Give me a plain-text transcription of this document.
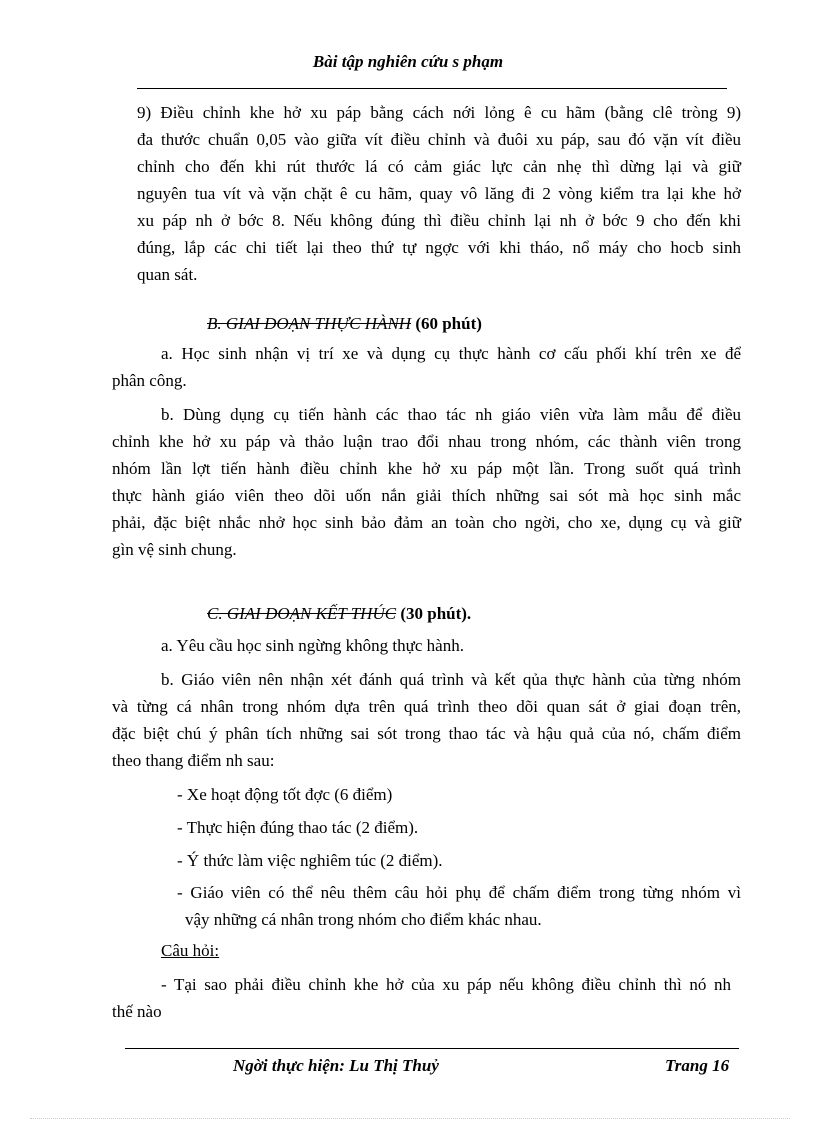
Bài tập nghiên cứu s phạm
9) Điều chỉnh khe hở xu páp bằng cách nới lỏng ê cu hãm (bằng clê tròng 9)
đa thước chuẩn 0,05 vào giữa vít điều chỉnh và đuôi xu páp, sau đó vặn vít điều
chỉnh cho đến khi rút thước lá có cảm giác lực cản nhẹ thì dừng lại và giữ
nguyên tua vít và vặn chặt ê cu hãm, quay vô lăng đi 2 vòng kiểm tra lại khe hở
xu páp nh ở bớc 8. Nếu không đúng thì điều chỉnh lại nh ở bớc 9 cho đến khi
đúng, lắp các chi tiết lại theo thứ tự ngợc với khi tháo, nổ máy cho hocb sinh
quan sát.
B. GIAI ĐOẠN THỰC HÀNH (60 phút)
a. Học sinh nhận vị trí xe và dụng cụ thực hành cơ cấu phối khí trên xe để
phân công.
b. Dùng dụng cụ tiến hành các thao tác nh giáo viên vừa làm mẫu để điều
chỉnh khe hở xu páp và thảo luận trao đổi nhau trong nhóm, các thành viên trong
nhóm lần lợt tiến hành điều chỉnh khe hở xu páp một lần. Trong suốt quá trình
thực hành giáo viên theo dõi uốn nắn giải thích những sai sót mà học sinh mắc
phải, đặc biệt nhắc nhở học sinh bảo đảm an toàn cho ngời, cho xe, dụng cụ và giữ
gìn vệ sinh chung.
C. GIAI ĐOẠN KẾT THÚC (30 phút).
a. Yêu cầu học sinh ngừng không thực hành.
b. Giáo viên nên nhận xét đánh quá trình và kết qủa thực hành của từng nhóm
và từng cá nhân trong nhóm dựa trên quá trình theo dõi quan sát ở giai đoạn trên,
đặc biệt chú ý phân tích những sai sót trong thao tác và hậu quả của nó, chấm điểm
theo thang điểm nh sau:
- Xe hoạt động tốt đợc (6 điểm)
- Thực hiện đúng thao tác (2 điểm).
- Ý thức làm việc nghiêm túc (2 điểm).
- Giáo viên có thể nêu thêm câu hỏi phụ để chấm điểm trong từng nhóm vì
vậy những cá nhân trong nhóm cho điểm khác nhau.
Câu hỏi:
- Tại sao phải điều chỉnh khe hở của xu páp nếu không điều chỉnh thì nó nh
thế nào
Ngời thực hiện: Lu Thị Thuỷ	Trang 16
